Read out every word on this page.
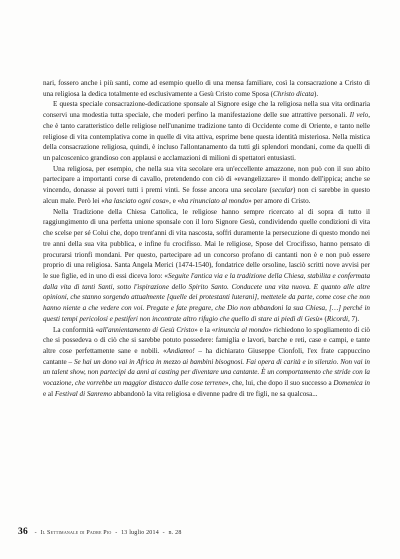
nari, fossero anche i più santi, come ad esempio quello di una mensa familiare, così la consacrazione a Cristo di una religiosa la dedica totalmente ed esclusivamente a Gesù Cristo come Sposa (Christo dicata).

E questa speciale consacrazione-dedicazione sponsale al Signore esige che la religiosa nella sua vita ordinaria conservi una modestia tutta speciale, che moderi perfino la manifestazione delle sue attrattive personali. Il velo, che è tanto caratteristico delle religiose nell'unanime tradizione tanto di Occidente come di Oriente, e tanto nelle religiose di vita contemplativa come in quelle di vita attiva, esprime bene questa identità misteriosa. Nella mistica della consacrazione religiosa, quindi, è incluso l'allontanamento da tutti gli splendori mondani, come da quelli di un palcoscenico grandioso con applausi e acclamazioni di milioni di spettatori entusiasti.

Una religiosa, per esempio, che nella sua vita secolare era un'eccellente amazzone, non può con il suo abito partecipare a importanti corse di cavallo, pretendendo con ciò di «evangelizzare» il mondo dell'ippica; anche se vincendo, donasse ai poveri tutti i premi vinti. Se fosse ancora una secolare (secular) non ci sarebbe in questo alcun male. Però lei «ha lasciato ogni cosa», e «ha rinunciato al mondo» per amore di Cristo.

Nella Tradizione della Chiesa Cattolica, le religiose hanno sempre ricercato al di sopra di tutto il raggiungimento di una perfetta unione sponsale con il loro Signore Gesù, condividendo quelle condizioni di vita che scelse per sé Colui che, dopo trent'anni di vita nascosta, soffrì duramente la persecuzione di questo mondo nei tre anni della sua vita pubblica, e infine fu crocifisso. Mai le religiose, Spose del Crocifisso, hanno pensato di procurarsi trionfi mondani. Per questo, partecipare ad un concorso profano di cantanti non è e non può essere proprio di una religiosa. Santa Angela Merici (1474-1540), fondatrice delle orsoline, lasciò scritti nove avvisi per le sue figlie, ed in uno di essi diceva loro: «Seguite l'antica via e la tradizione della Chiesa, stabilita e confermata dalla vita di tanti Santi, sotto l'ispirazione dello Spirito Santo. Conducete una vita nuova. E quanto alle altre opinioni, che stanno sorgendo attualmente [quelle dei protestanti luterani], mettetele da parte, come cose che non hanno niente a che vedere con voi. Pregate e fate pregare, che Dio non abbandoni la sua Chiesa, […] perché in questi tempi pericolosi e pestiferi non incontrate altro rifugio che quello di stare ai piedi di Gesù» (Ricordi, 7).

La conformità «all'annientamento di Gesù Cristo» e la «rinuncia al mondo» richiedono lo spogliamento di ciò che si possedeva o di ciò che si sarebbe potuto possedere: famiglia e lavori, barche e reti, case e campi, e tante altre cose perfettamente sane e nobili. «Andiamo! – ha dichiarato Giuseppe Cionfoli, l'ex frate cappuccino cantante – Se hai un dono vai in Africa in mezzo ai bambini bisognosi. Fai opera di carità e in silenzio. Non vai in un talent show, non partecipi da anni ai casting per diventare una cantante. È un comportamento che stride con la vocazione, che vorrebbe un maggior distacco dalle cose terrene», che, lui, che dopo il suo successo a Domenica in e al Festival di Sanremo abbandonò la vita religiosa e divenne padre di tre figli, ne sa qualcosa...

36 - Il Settimanale di Padre Pio - 13 luglio 2014 - n. 28
